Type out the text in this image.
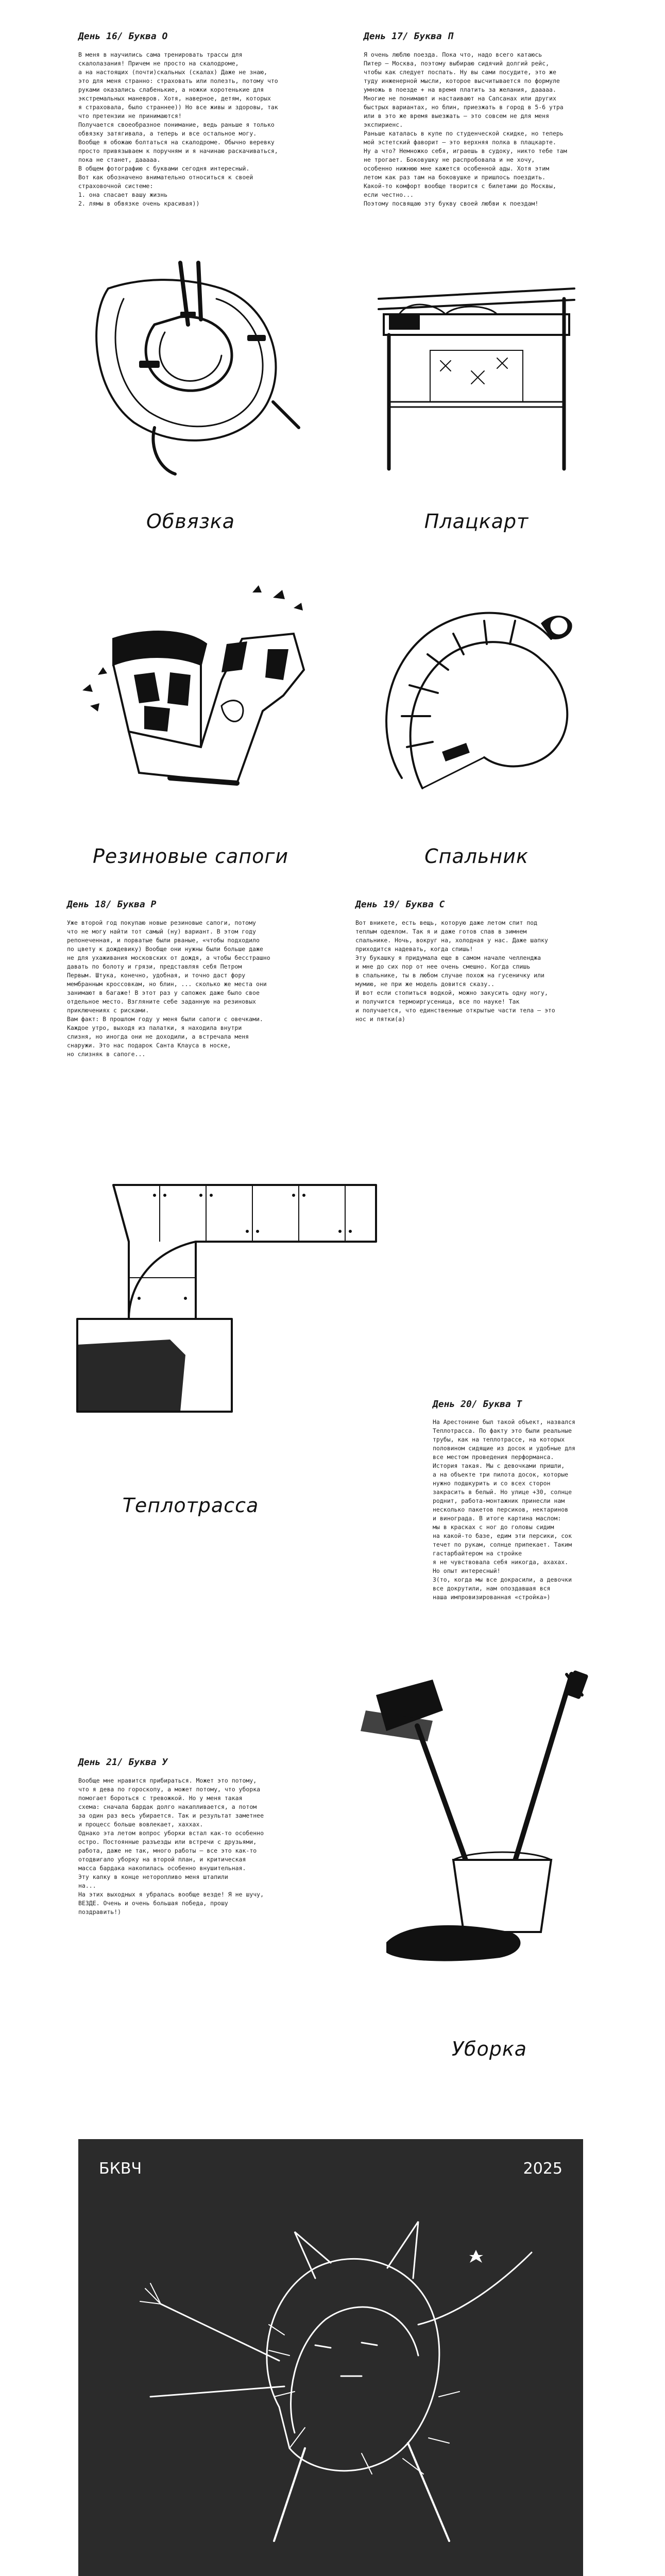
День 16/ Буква О

В меня в научились сама тренировать трассы для
скалолазания! Причем не просто на скалодроме,
а на настоящих (почти)скальных (скалах) Даже не знаю,
это для меня странно: страховать или полезть, потому что
руками оказались слабенькие, а ножки коротенькие для
экстремальных маневров. Хотя, наверное, детям, которых
я страховала, было страннее)) Но все живы и здоровы, так
что претензии не принимаются!
Получается своеобразное понимание, ведь раньше я только
обвязку затягивала, а теперь и все остальное могу.
Вообще я обожаю болтаться на скалодроме. Обычно веревку
просто привязываем к поручням и я начинаю раскачиваться,
пока не станет, дааааа.
В общем фотографию с буквами сегодня интересный.
Вот как обозначено внимательно относиться к своей
страховочной системе:
1. она спасает вашу жизнь
2. лямы в обвязке очень красивая))

День 17/ Буква П

Я очень люблю поезда. Пока что, надо всего катаюсь
Питер – Москва, поэтому выбираю сидячий долгий рейс,
чтобы как следует поспать. Ну вы сами посудите, это же
туду инженерной мысли, которое высчитывается по формуле
умножь в поезде + на время платить за желания, дааааа.
Многие не понимают и настаивают на Сапсанах или других
быстрых вариантах, но блин, приезжать в город в 5-6 утра
или в это же время выезжать – это совсем не для меня
экспириенс.
Раньше каталась в купе по студенческой скидке, но теперь
мой эстетский фаворит – это верхняя полка в плацкарте.
Ну а что? Немножко себя, играешь в судоку, никто тебе там
не трогает. Боковушку не распробовала и не хочу,
особенно нижнюю мне кажется особенной ады. Хотя этим
летом как раз там на боковушке и пришлось поездить.
Какой-то комфорт вообще творится с билетами до Москвы,
если честно...
Поэтому посвящаю эту букву своей любви к поездам!

Обвязка	Плацкарт
Резиновые сапоги	Спальник
День 18/ Буква Р

Уже второй год покупаю новые резиновые сапоги, потому
что не могу найти тот самый (ну) вариант. В этом году
репонеченная, и порватые были рваные, «чтобы подходило
по цвету к дождевику) Вообще они нужны были больше даже
не для ухаживания московских от дождя, а чтобы бесстрашно
давать по болоту и грязи, представляя себя Петром
Первым. Штука, конечно, удобная, и точно даст фору
мембранным кроссовкам, но блин, ... сколько же места они
занимают в багаже! В этот раз у сапожек даже было свое
отдельное место. Взгляните себе заданную на резиновых
приключениях с рисками.
Вам факт: В прошлом году у меня были сапоги с овечками.
Каждое утро, выходя из палатки, я находила внутри
слизня, но иногда они не доходили, а встречала меня
снаружи. Это нас подарок Санта Клауса в носке,
но слизняк в сапоге...

День 19/ Буква С

Вот вникете, есть вещь, которую даже летом спит под
теплым одеялом. Так я и даже готов спав в зимнем
спальнике. Ночь, вокруг на, холодная у нас. Даже шапку
приходится надевать, когда спишь!
Эту букашку я придумала еще в самом начале челленджа
и мне до сих пор от нее очень смешно. Когда спишь
в спальнике, ты в любом случае похож на гусеничку или
мумию, не при же модель довится сказу..
И вот если стопиться водкой, можно закусить одну ногу,
и получится термоиргусеница, все по науке! Так
и получается, что единственные открытые части тела – это
нос и пятки(а)

Теплотрасса
День 20/ Буква Т

На Арестонине был такой объект, назвался
Теплотрасса. По факту это были реальные
трубы, как на теплотрассе, на которых
половином сидящие из досок и удобные для
все местом проведения перформанса.
История такая. Мы с девочками пришли,
а на объекте три пилота досок, которые
нужно подшкурить и со всех сторон
закрасить в белый. Но улице +30, солнце
роднит, работа-монтажник принесли нам
несколько пакетов персиков, нектаринов
и винограда. В итоге картина маслом:
мы в красках с ног до головы сидим
на какой-то базе, едим эти персики, сок
течет по рукам, солнце припекает. Таким
гастарбайтером на стройке
я не чувствовала себя никогда, ахахах.
Но опыт интересный!
З(то, когда мы все докрасили, а девочки
все докрутили, нам опоздавшая вся
наша импровизированная «стройка»)

День 21/ Буква У

Вообще мне нравится прибираться. Может это потому,
что я дева по гороскопу, а может потому, что уборка
помогает бороться с тревожкой. Но у меня такая
схема: сначала бардак долго накапливается, а потом
за один раз весь убирается. Так и результат заметнее
и процесс больше вовлекает, хаххах.
Однако эта летом вопрос уборки встал как-то особенно
остро. Постоянные разъезды или встречи с друзьями,
работа, даже не так, много работы – все это как-то
отодвигало уборку на второй план, и критическая
масса бардака накопилась особенно внушительная.
Эту капку в конце неторопливо меня штапили
на...
На этих выходных я убралась вообще везде! Я не шучу,
ВЕЗДЕ. Очень и очень большая победа, прошу
поздравить!)

Уборка
БКВЧ	2025
